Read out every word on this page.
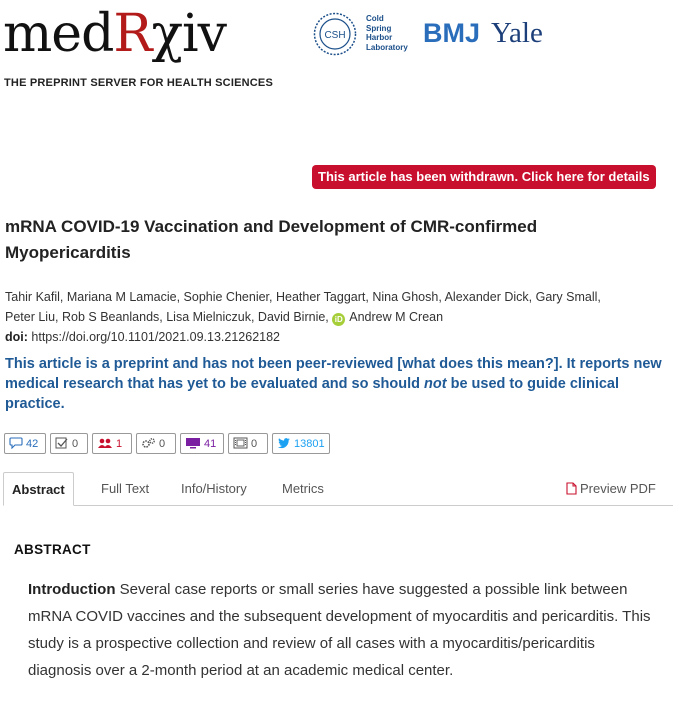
medRχiv
THE PREPRINT SERVER FOR HEALTH SCIENCES
CSH
Cold
Spring
Harbor
Laboratory BMJ Yale
This article has been withdrawn. Click here for details
mRNA COVID-19 Vaccination and Development of CMR-confirmed Myopericarditis
Tahir Kafil, Mariana M Lamacie, Sophie Chenier, Heather Taggart, Nina Ghosh, Alexander Dick, Gary Small,
Peter Liu, Rob S Beanlands, Lisa Mielniczuk, David Birnie, iD Andrew M Crean
doi: https://doi.org/10.1101/2021.09.13.21262182
This article is a preprint and has not been peer-reviewed [what does this mean?]. It reports new medical research that has yet to be evaluated and so should not be used to guide clinical practice.
42	0	1	0	41	0	13801
Abstract	Full Text Info/History	Metrics	Preview PDF
ABSTRACT
Introduction Several case reports or small series have suggested a possible link between mRNA COVID vaccines and the subsequent development of myocarditis and pericarditis. This study is a prospective collection and review of all cases with a myocarditis/pericarditis diagnosis over a 2-month period at an academic medical center.
